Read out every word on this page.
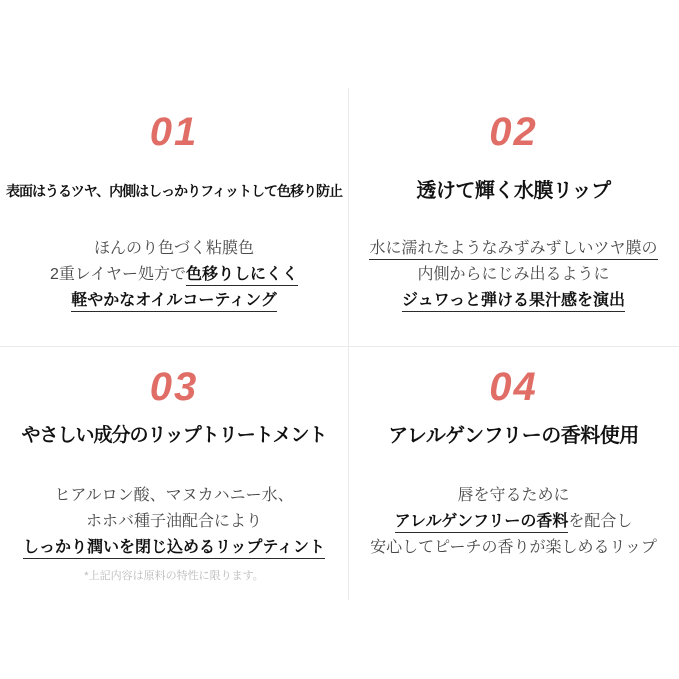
01
表面はうるツヤ、内側はしっかりフィットして色移り防止

ほんのり色づく粘膜色

2重レイヤー処方で色移りしにくく

軽やかなオイルコーティング

02
透けて輝く水膜リップ

水に濡れたようなみずみずしいツヤ膜の

内側からにじみ出るように

ジュワっと弾ける果汁感を演出

03
やさしい成分のリップトリートメント

ヒアルロン酸、マヌカハニー水、

ホホバ種子油配合により

しっかり潤いを閉じ込めるリップティント

*上記内容は原料の特性に限ります。
04
アレルゲンフリーの香料使用

唇を守るために

アレルゲンフリーの香料を配合し

安心してピーチの香りが楽しめるリップ
